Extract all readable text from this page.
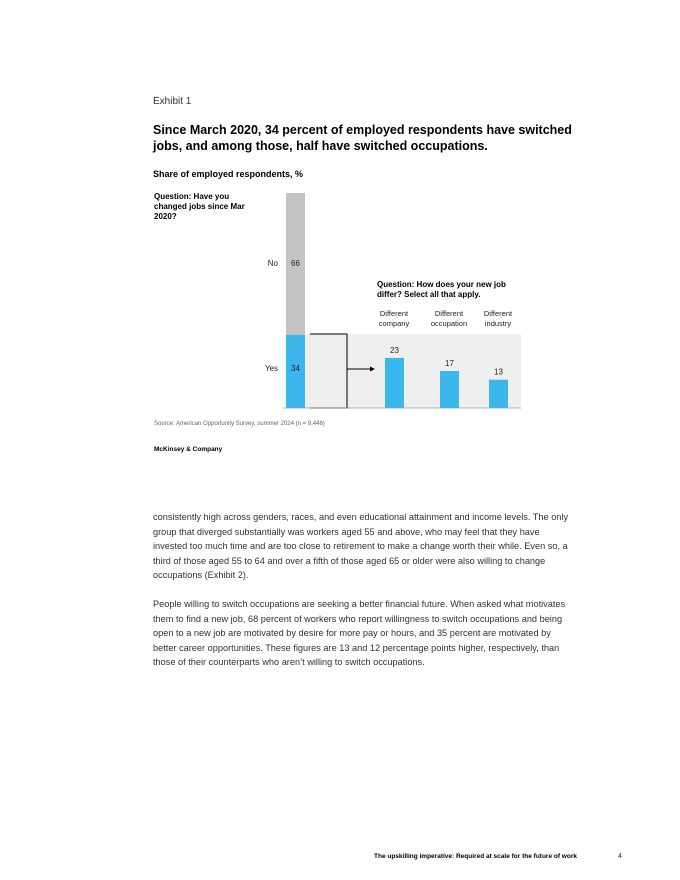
Exhibit 1
Since March 2020, 34 percent of employed respondents have switched jobs, and among those, half have switched occupations.
Share of employed respondents, %
Question: Have you changed jobs since Mar 2020?
Question: How does your new job differ? Select all that apply.
Different company
Different occupation
Different industry
No 66
Yes 34
23
17
13
Source: American Opportunity Survey, summer 2024 (n = 9,446)
McKinsey & Company

consistently high across genders, races, and even educational attainment and income levels. The only group that diverged substantially was workers aged 55 and above, who may feel that they have invested too much time and are too close to retirement to make a change worth their while. Even so, a third of those aged 55 to 64 and over a fifth of those aged 65 or older were also willing to change occupations (Exhibit 2).

People willing to switch occupations are seeking a better financial future. When asked what motivates them to find a new job, 68 percent of workers who report willingness to switch occupations and being open to a new job are motivated by desire for more pay or hours, and 35 percent are motivated by better career opportunities. These figures are 13 and 12 percentage points higher, respectively, than those of their counterparts who aren’t willing to switch occupations.

The upskilling imperative: Required at scale for the future of work	4
